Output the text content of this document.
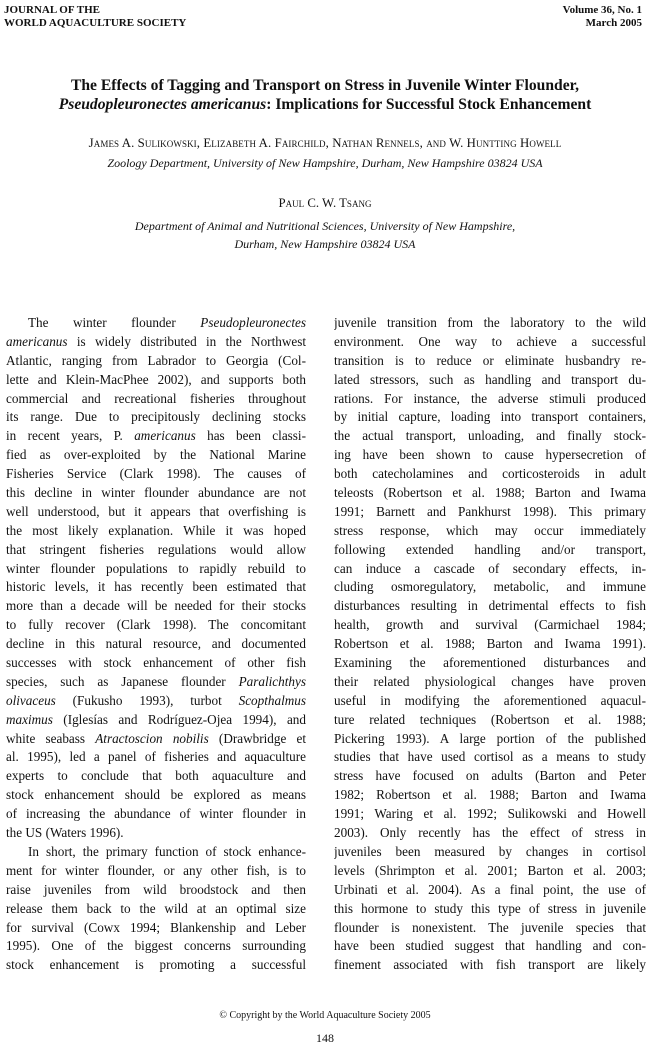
JOURNAL OF THE
WORLD AQUACULTURE SOCIETY
Volume 36, No. 1
March 2005
The Effects of Tagging and Transport on Stress in Juvenile Winter Flounder,
Pseudopleuronectes americanus: Implications for Successful Stock Enhancement
James A. Sulikowski, Elizabeth A. Fairchild, Nathan Rennels, and W. Huntting Howell
Zoology Department, University of New Hampshire, Durham, New Hampshire 03824 USA
Paul C. W. Tsang
Department of Animal and Nutritional Sciences, University of New Hampshire,
Durham, New Hampshire 03824 USA
The winter flounder Pseudopleuronectes
americanus is widely distributed in the Northwest
Atlantic, ranging from Labrador to Georgia (Col-
lette and Klein-MacPhee 2002), and supports both
commercial and recreational fisheries throughout
its range. Due to precipitously declining stocks
in recent years, P. americanus has been classi-
fied as over-exploited by the National Marine
Fisheries Service (Clark 1998). The causes of
this decline in winter flounder abundance are not
well understood, but it appears that overfishing is
the most likely explanation. While it was hoped
that stringent fisheries regulations would allow
winter flounder populations to rapidly rebuild to
historic levels, it has recently been estimated that
more than a decade will be needed for their stocks
to fully recover (Clark 1998). The concomitant
decline in this natural resource, and documented
successes with stock enhancement of other fish
species, such as Japanese flounder Paralichthys
olivaceus (Fukusho 1993), turbot Scopthalmus
maximus (Iglesías and Rodríguez-Ojea 1994), and
white seabass Atractoscion nobilis (Drawbridge et
al. 1995), led a panel of fisheries and aquaculture
experts to conclude that both aquaculture and
stock enhancement should be explored as means
of increasing the abundance of winter flounder in
the US (Waters 1996).
In short, the primary function of stock enhance-
ment for winter flounder, or any other fish, is to
raise juveniles from wild broodstock and then
release them back to the wild at an optimal size
for survival (Cowx 1994; Blankenship and Leber
1995). One of the biggest concerns surrounding
stock enhancement is promoting a successful
juvenile transition from the laboratory to the wild
environment. One way to achieve a successful
transition is to reduce or eliminate husbandry re-
lated stressors, such as handling and transport du-
rations. For instance, the adverse stimuli produced
by initial capture, loading into transport containers,
the actual transport, unloading, and finally stock-
ing have been shown to cause hypersecretion of
both catecholamines and corticosteroids in adult
teleosts (Robertson et al. 1988; Barton and Iwama
1991; Barnett and Pankhurst 1998). This primary
stress response, which may occur immediately
following extended handling and/or transport,
can induce a cascade of secondary effects, in-
cluding osmoregulatory, metabolic, and immune
disturbances resulting in detrimental effects to fish
health, growth and survival (Carmichael 1984;
Robertson et al. 1988; Barton and Iwama 1991).
Examining the aforementioned disturbances and
their related physiological changes have proven
useful in modifying the aforementioned aquacul-
ture related techniques (Robertson et al. 1988;
Pickering 1993). A large portion of the published
studies that have used cortisol as a means to study
stress have focused on adults (Barton and Peter
1982; Robertson et al. 1988; Barton and Iwama
1991; Waring et al. 1992; Sulikowski and Howell
2003). Only recently has the effect of stress in
juveniles been measured by changes in cortisol
levels (Shrimpton et al. 2001; Barton et al. 2003;
Urbinati et al. 2004). As a final point, the use of
this hormone to study this type of stress in juvenile
flounder is nonexistent. The juvenile species that
have been studied suggest that handling and con-
finement associated with fish transport are likely
© Copyright by the World Aquaculture Society 2005
148
